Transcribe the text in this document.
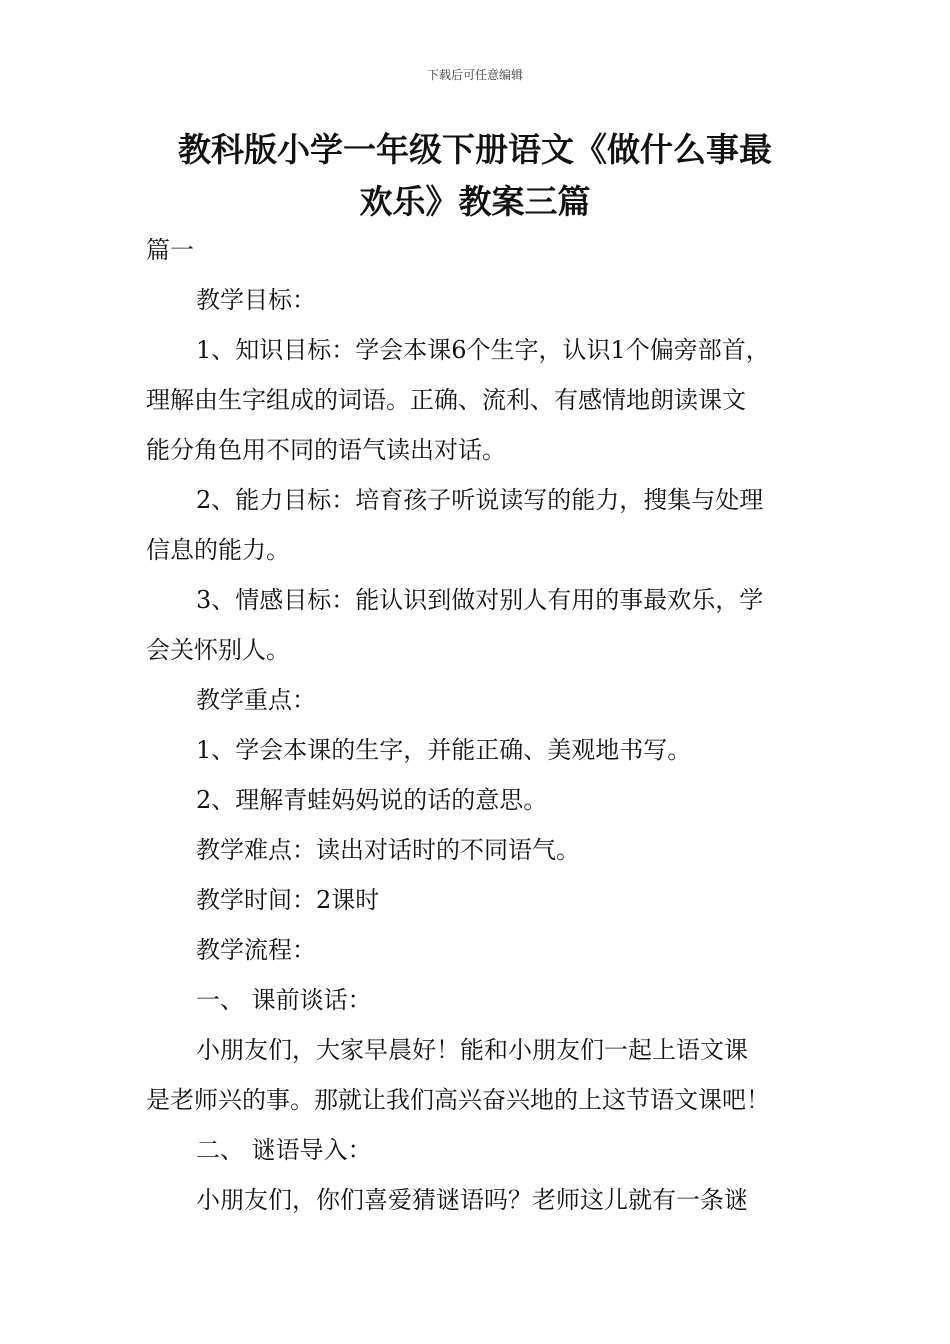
下载后可任意编辑
教科版小学一年级下册语文《做什么事最
欢乐》教案三篇

篇一

教学目标：

1、知识目标：学会本课6个生字，认识1个偏旁部首，

理解由生字组成的词语。正确、流利、有感情地朗读课文

能分角色用不同的语气读出对话。

2、能力目标：培育孩子听说读写的能力，搜集与处理

信息的能力。

3、情感目标：能认识到做对别人有用的事最欢乐，学

会关怀别人。

教学重点：

1、学会本课的生字，并能正确、美观地书写。

2、理解青蛙妈妈说的话的意思。

教学难点：读出对话时的不同语气。

教学时间：2课时

教学流程：

一、 课前谈话：

小朋友们，大家早晨好！能和小朋友们一起上语文课

是老师兴的事。那就让我们高兴奋兴地的上这节语文课吧！

二、 谜语导入：

小朋友们，你们喜爱猜谜语吗？老师这儿就有一条谜
